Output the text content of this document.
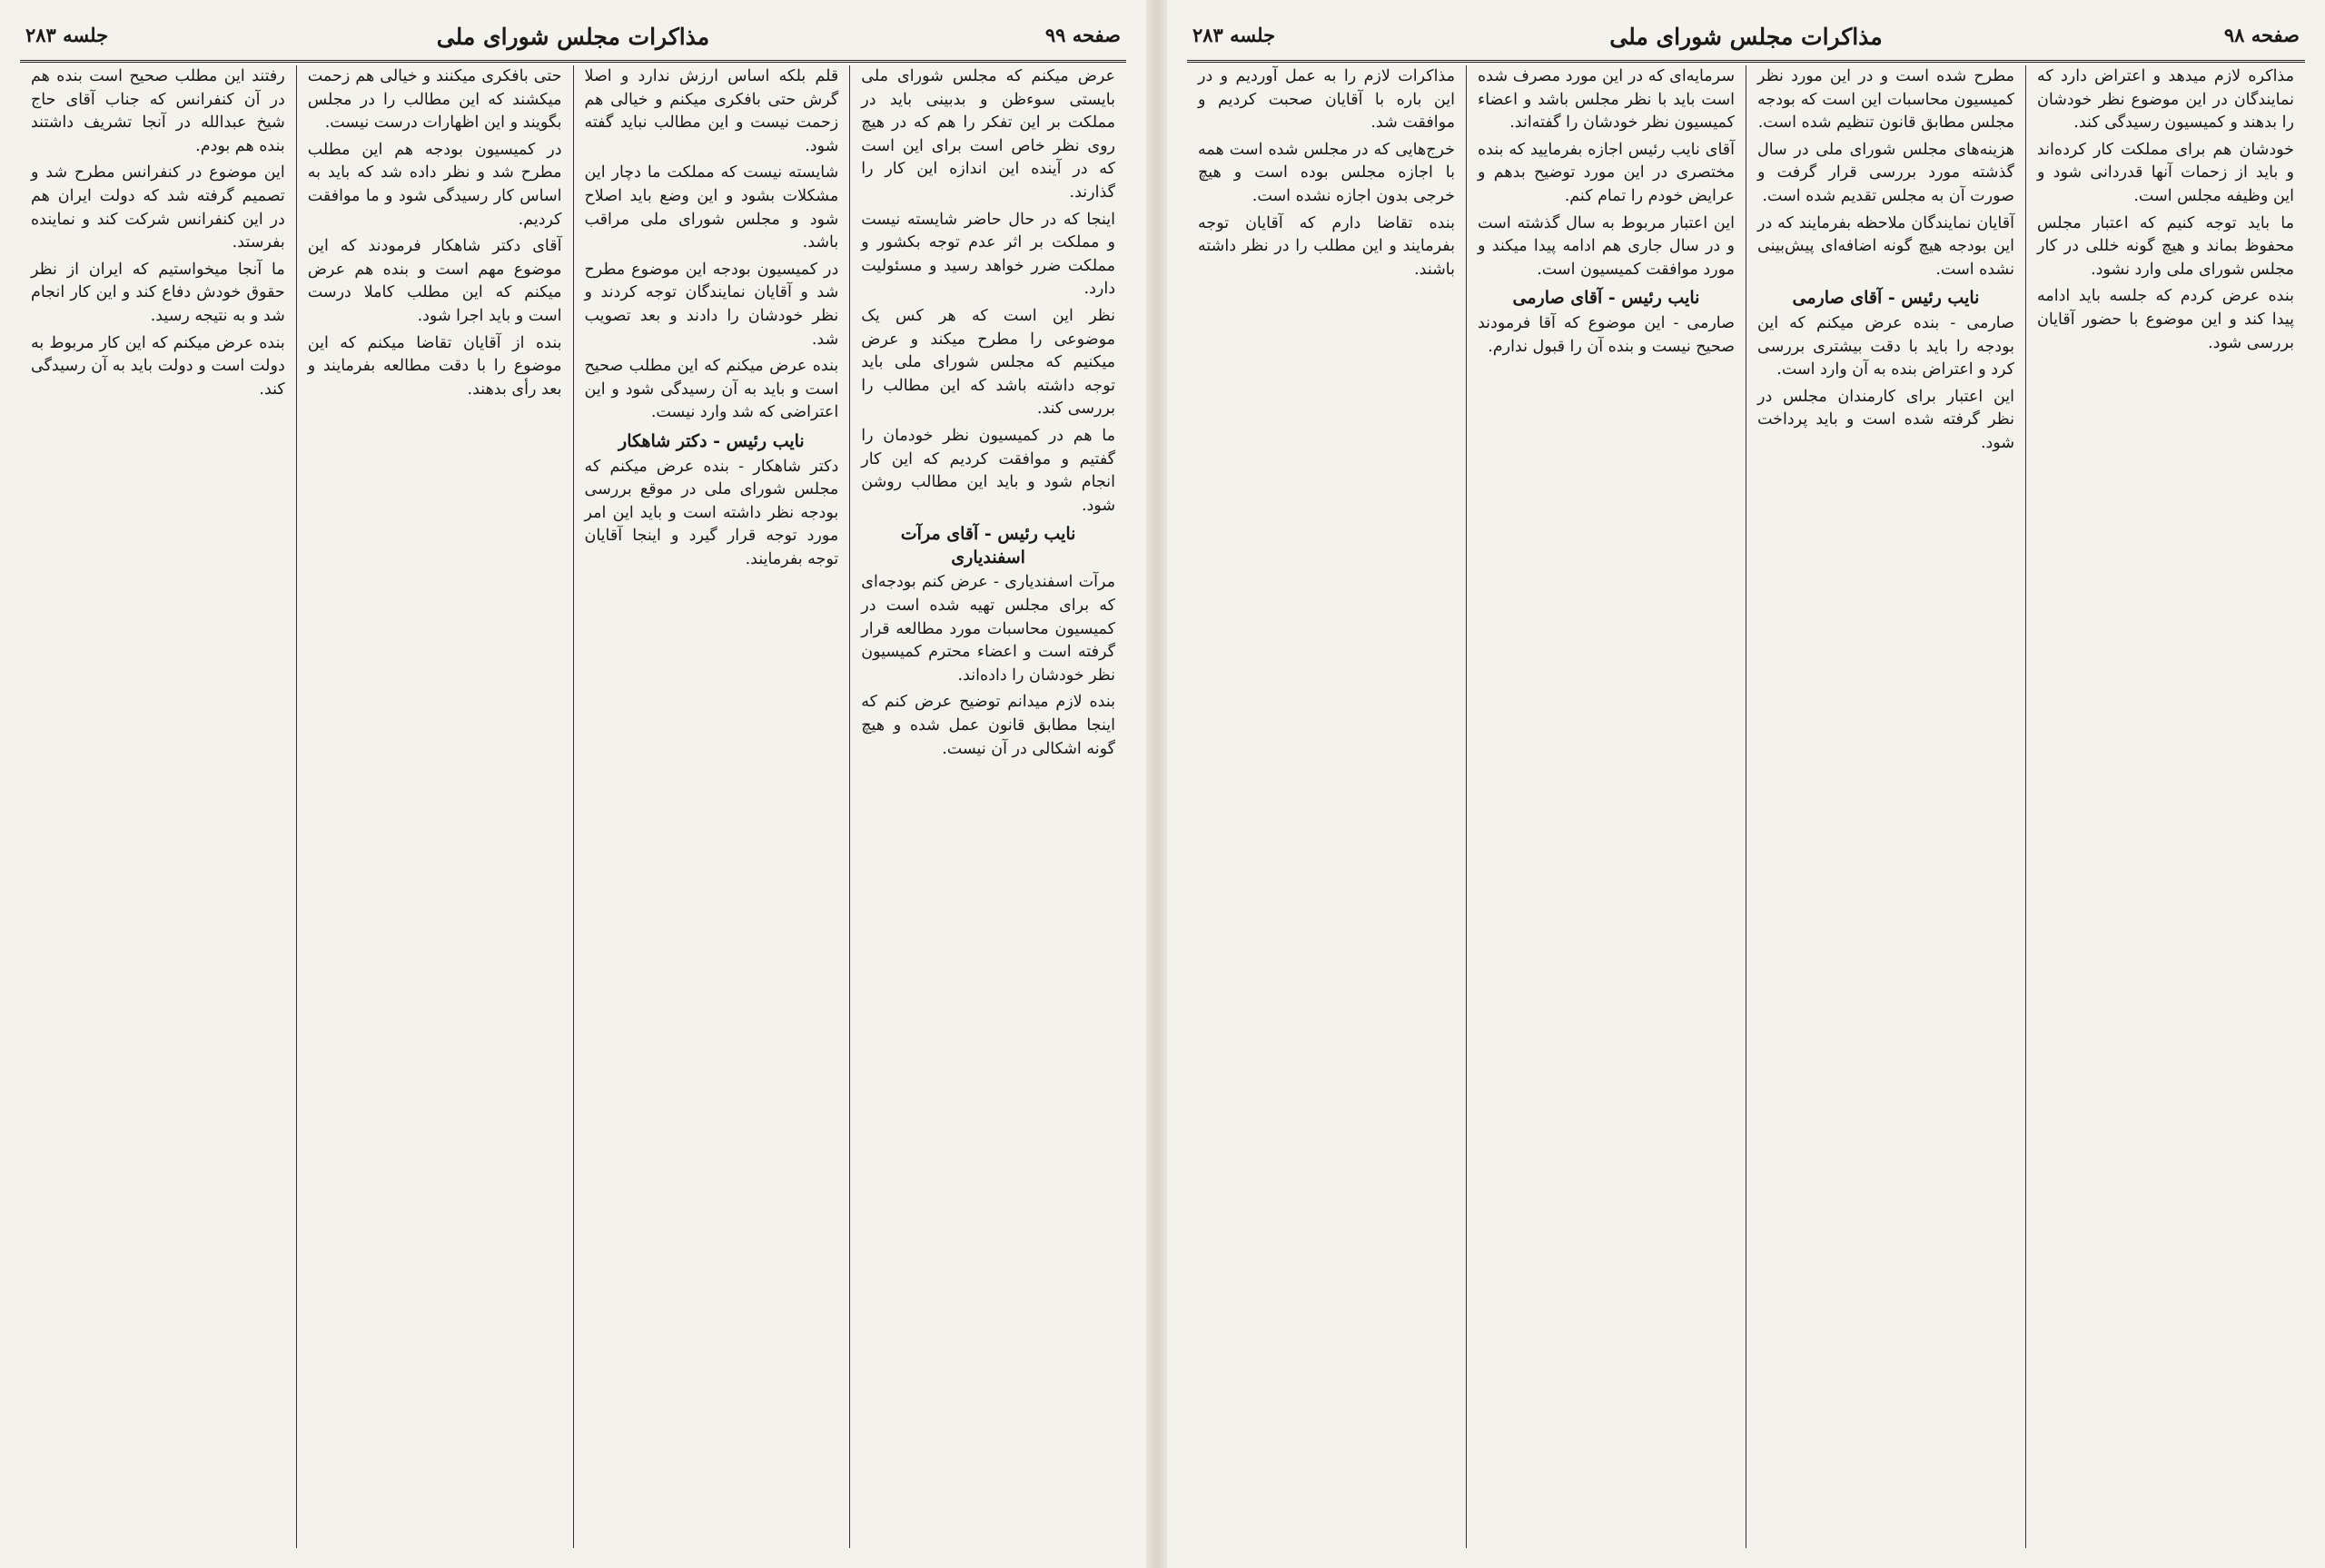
صفحه ۹۹
مذاکرات مجلس شورای ملی
جلسه ۲۸۳

عرض میکنم که مجلس شورای ملی بایستی سوءظن و بدبینی باید در مملکت بر این تفکر را هم که در هیچ روی نظر خاص است برای این است که در آینده این اندازه این کار را گذارند.

اینجا که در حال حاضر شایسته نیست و مملکت بر اثر عدم توجه بکشور و مملکت ضرر خواهد رسید و مسئولیت دارد.

نظر این است که هر کس یک موضوعی را مطرح میکند و عرض میکنیم که مجلس شورای ملی باید توجه داشته باشد که این مطالب را بررسی کند.

ما هم در کمیسیون نظر خودمان را گفتیم و موافقت کردیم که این کار انجام شود و باید این مطالب روشن شود.

نایب رئیس - آقای مرآت اسفندیاری

مرآت اسفندیاری - عرض کنم بودجه‌ای که برای مجلس تهیه شده است در کمیسیون محاسبات مورد مطالعه قرار گرفته است و اعضاء محترم کمیسیون نظر خودشان را داده‌اند.

بنده لازم میدانم توضیح عرض کنم که اینجا مطابق قانون عمل شده و هیچ گونه اشکالی در آن نیست.

قلم بلکه اساس ارزش ندارد و اصلا گرش حتی بافکری میکنم و خیالی هم زحمت نیست و این مطالب نباید گفته شود.

شایسته نیست که مملکت ما دچار این مشکلات بشود و این وضع باید اصلاح شود و مجلس شورای ملی مراقب باشد.

در کمیسیون بودجه این موضوع مطرح شد و آقایان نمایندگان توجه کردند و نظر خودشان را دادند و بعد تصویب شد.

بنده عرض میکنم که این مطلب صحیح است و باید به آن رسیدگی شود و این اعتراضی که شد وارد نیست.

نایب رئیس - دکتر شاهکار

دکتر شاهکار - بنده عرض میکنم که مجلس شورای ملی در موقع بررسی بودجه نظر داشته است و باید این امر مورد توجه قرار گیرد و اینجا آقایان توجه بفرمایند.

حتی بافکری میکنند و خیالی هم زحمت میکشند که این مطالب را در مجلس بگویند و این اظهارات درست نیست.

در کمیسیون بودجه هم این مطلب مطرح شد و نظر داده شد که باید به اساس کار رسیدگی شود و ما موافقت کردیم.

آقای دکتر شاهکار فرمودند که این موضوع مهم است و بنده هم عرض میکنم که این مطلب کاملا درست است و باید اجرا شود.

بنده از آقایان تقاضا میکنم که این موضوع را با دقت مطالعه بفرمایند و بعد رأی بدهند.

رفتند این مطلب صحیح است بنده هم در آن کنفرانس که جناب آقای حاج شیخ عبدالله در آنجا تشریف داشتند بنده هم بودم.

این موضوع در کنفرانس مطرح شد و تصمیم گرفته شد که دولت ایران هم در این کنفرانس شرکت کند و نماینده بفرستد.

ما آنجا میخواستیم که ایران از نظر حقوق خودش دفاع کند و این کار انجام شد و به نتیجه رسید.

بنده عرض میکنم که این کار مربوط به دولت است و دولت باید به آن رسیدگی کند.

صفحه ۹۸
مذاکرات مجلس شورای ملی
جلسه ۲۸۳

مذاکره لازم میدهد و اعتراض دارد که نمایندگان در این موضوع نظر خودشان را بدهند و کمیسیون رسیدگی کند.

خودشان هم برای مملکت کار کرده‌اند و باید از زحمات آنها قدردانی شود و این وظیفه مجلس است.

ما باید توجه کنیم که اعتبار مجلس محفوظ بماند و هیچ گونه خللی در کار مجلس شورای ملی وارد نشود.

بنده عرض کردم که جلسه باید ادامه پیدا کند و این موضوع با حضور آقایان بررسی شود.

مطرح شده است و در این مورد نظر کمیسیون محاسبات این است که بودجه مجلس مطابق قانون تنظیم شده است.

هزینه‌های مجلس شورای ملی در سال گذشته مورد بررسی قرار گرفت و صورت آن به مجلس تقدیم شده است.

آقایان نمایندگان ملاحظه بفرمایند که در این بودجه هیچ گونه اضافه‌ای پیش‌بینی نشده است.

نایب رئیس - آقای صارمی

صارمی - بنده عرض میکنم که این بودجه را باید با دقت بیشتری بررسی کرد و اعتراض بنده به آن وارد است.

این اعتبار برای کارمندان مجلس در نظر گرفته شده است و باید پرداخت شود.

سرمایه‌ای که در این مورد مصرف شده است باید با نظر مجلس باشد و اعضاء کمیسیون نظر خودشان را گفته‌اند.

آقای نایب رئیس اجازه بفرمایید که بنده مختصری در این مورد توضیح بدهم و عرایض خودم را تمام کنم.

این اعتبار مربوط به سال گذشته است و در سال جاری هم ادامه پیدا میکند و مورد موافقت کمیسیون است.

نایب رئیس - آقای صارمی

صارمی - این موضوع که آقا فرمودند صحیح نیست و بنده آن را قبول ندارم.

مذاکرات لازم را به عمل آوردیم و در این باره با آقایان صحبت کردیم و موافقت شد.

خرج‌هایی که در مجلس شده است همه با اجازه مجلس بوده است و هیچ خرجی بدون اجازه نشده است.

بنده تقاضا دارم که آقایان توجه بفرمایند و این مطلب را در نظر داشته باشند.
